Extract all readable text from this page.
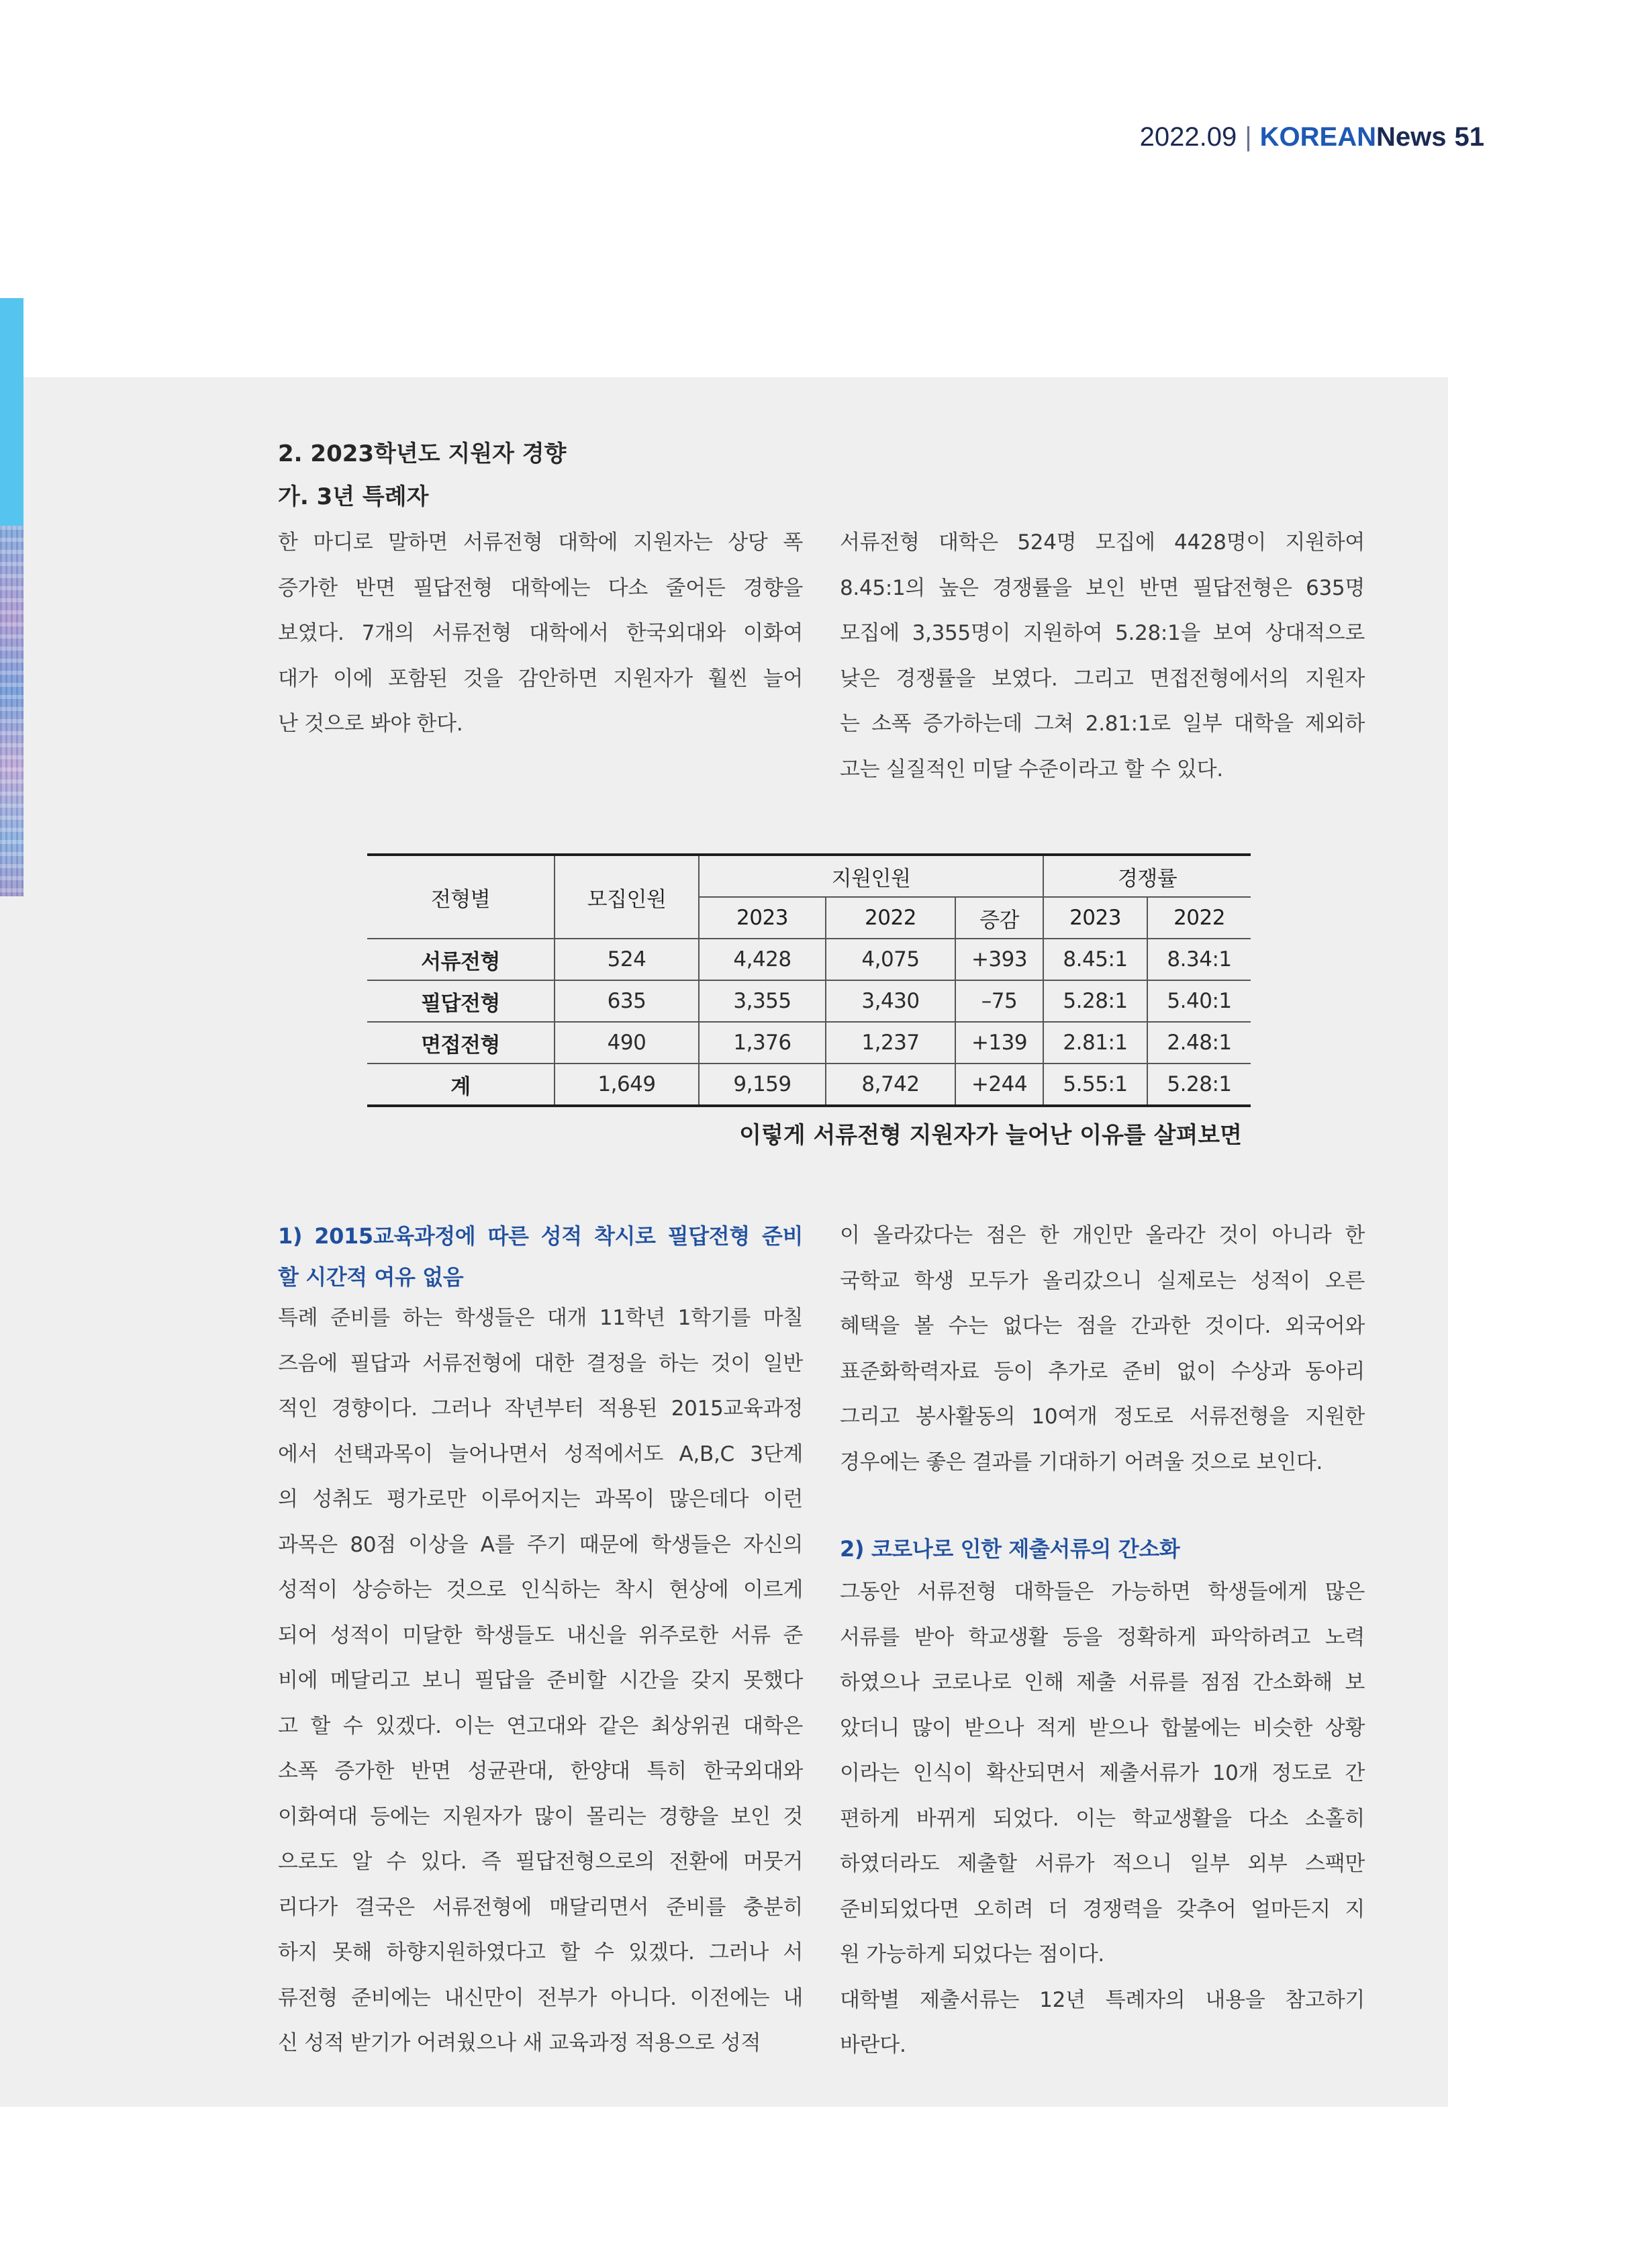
2022.09 | KOREANNews 51
2. 2023학년도 지원자 경향
가. 3년 특례자
한 마디로 말하면 서류전형 대학에 지원자는 상당 폭
증가한 반면 필답전형 대학에는 다소 줄어든 경향을
보였다. 7개의 서류전형 대학에서 한국외대와 이화여
대가 이에 포함된 것을 감안하면 지원자가 훨씬 늘어
난 것으로 봐야 한다.
서류전형 대학은 524명 모집에 4428명이 지원하여
8.45:1의 높은 경쟁률을 보인 반면 필답전형은 635명
모집에 3,355명이 지원하여 5.28:1을 보여 상대적으로
낮은 경쟁률을 보였다. 그리고 면접전형에서의 지원자
는 소폭 증가하는데 그쳐 2.81:1로 일부 대학을 제외하
고는 실질적인 미달 수준이라고 할 수 있다.
전형별	모집인원	지원인원			경쟁률	
		2023	2022	증감	2023	2022
서류전형	524	4,428	4,075	+393	8.45:1	8.34:1
필답전형	635	3,355	3,430	–75	5.28:1	5.40:1
면접전형	490	1,376	1,237	+139	2.81:1	2.48:1
계	1,649	9,159	8,742	+244	5.55:1	5.28:1
이렇게 서류전형 지원자가 늘어난 이유를 살펴보면
1) 2015교육과정에 따른 성적 착시로 필답전형 준비
할 시간적 여유 없음
특례 준비를 하는 학생들은 대개 11학년 1학기를 마칠
즈음에 필답과 서류전형에 대한 결정을 하는 것이 일반
적인 경향이다. 그러나 작년부터 적용된 2015교육과정
에서 선택과목이 늘어나면서 성적에서도 A,B,C 3단계
의 성취도 평가로만 이루어지는 과목이 많은데다 이런
과목은 80점 이상을 A를 주기 때문에 학생들은 자신의
성적이 상승하는 것으로 인식하는 착시 현상에 이르게
되어 성적이 미달한 학생들도 내신을 위주로한 서류 준
비에 메달리고 보니 필답을 준비할 시간을 갖지 못했다
고 할 수 있겠다. 이는 연고대와 같은 최상위권 대학은
소폭 증가한 반면 성균관대, 한양대 특히 한국외대와
이화여대 등에는 지원자가 많이 몰리는 경향을 보인 것
으로도 알 수 있다. 즉 필답전형으로의 전환에 머뭇거
리다가 결국은 서류전형에 매달리면서 준비를 충분히
하지 못해 하향지원하였다고 할 수 있겠다. 그러나 서
류전형 준비에는 내신만이 전부가 아니다. 이전에는 내
신 성적 받기가 어려웠으나 새 교육과정 적용으로 성적
이 올라갔다는 점은 한 개인만 올라간 것이 아니라 한
국학교 학생 모두가 올리갔으니 실제로는 성적이 오른
혜택을 볼 수는 없다는 점을 간과한 것이다. 외국어와
표준화학력자료 등이 추가로 준비 없이 수상과 동아리
그리고 봉사활동의 10여개 정도로 서류전형을 지원한
경우에는 좋은 결과를 기대하기 어려울 것으로 보인다.
2) 코로나로 인한 제출서류의 간소화
그동안 서류전형 대학들은 가능하면 학생들에게 많은
서류를 받아 학교생활 등을 정확하게 파악하려고 노력
하였으나 코로나로 인해 제출 서류를 점점 간소화해 보
았더니 많이 받으나 적게 받으나 합불에는 비슷한 상황
이라는 인식이 확산되면서 제출서류가 10개 정도로 간
편하게 바뀌게 되었다. 이는 학교생활을 다소 소홀히
하였더라도 제출할 서류가 적으니 일부 외부 스팩만
준비되었다면 오히려 더 경쟁력을 갖추어 얼마든지 지
원 가능하게 되었다는 점이다.
대학별 제출서류는 12년 특례자의 내용을 참고하기
바란다.
